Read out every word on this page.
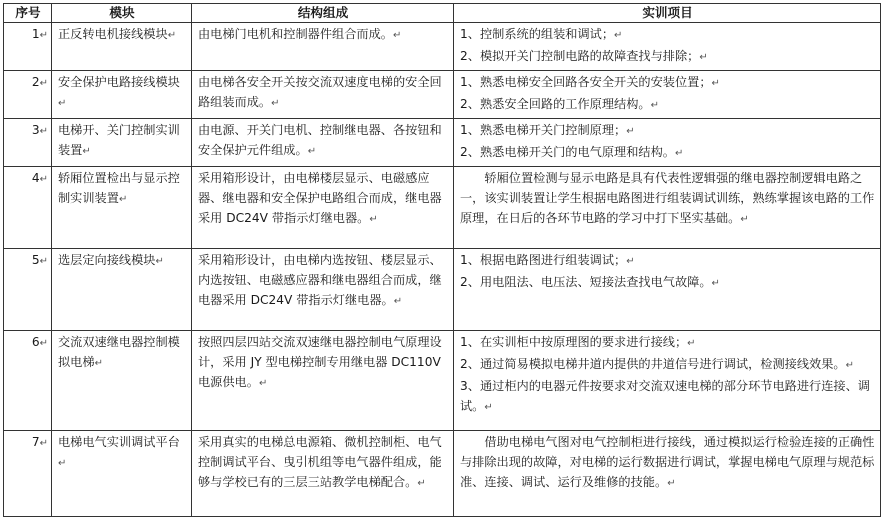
序号	模块	结构组成	实训项目
1↵	正反转电机接线模块↵	由电梯门电机和控制器件组合而成。↵	1、控制系统的组装和调试；↵
2、模拟开关门控制电路的故障查找与排除；↵

2↵	安全保护电路接线模块↵	由电梯各安全开关按交流双速度电梯的安全回路组装而成。↵	1、熟悉电梯安全回路各安全开关的安装位置；↵
2、熟悉安全回路的工作原理结构。↵

3↵	电梯开、关门控制实训装置↵	由电源、开关门电机、控制继电器、各按钮和安全保护元件组成。↵	1、熟悉电梯开关门控制原理；↵
2、熟悉电梯开关门的电气原理和结构。↵

4↵	轿厢位置检出与显示控制实训装置↵	采用箱形设计，由电梯楼层显示、电磁感应器、继电器和安全保护电路组合而成，继电器采用 DC24V 带指示灯继电器。↵	轿厢位置检测与显示电路是具有代表性逻辑强的继电器控制逻辑电路之一，该实训装置让学生根据电路图进行组装调试训练，熟练掌握该电路的工作原理，在日后的各环节电路的学习中打下坚实基础。↵

5↵	选层定向接线模块↵	采用箱形设计，由电梯内选按钮、楼层显示、内选按钮、电磁感应器和继电器组合而成，继电器采用 DC24V 带指示灯继电器。↵	1、根据电路图进行组装调试；↵
2、用电阻法、电压法、短接法查找电气故障。↵

6↵	交流双速继电器控制模拟电梯↵	按照四层四站交流双速继电器控制电气原理设计，采用 JY 型电梯控制专用继电器 DC110V 电源供电。↵	1、在实训柜中按原理图的要求进行接线；↵
2、通过简易模拟电梯井道内提供的井道信号进行调试，检测接线效果。↵
3、通过柜内的电器元件按要求对交流双速电梯的部分环节电路进行连接、调试。↵

7↵	电梯电气实训调试平台↵	采用真实的电梯总电源箱、微机控制柜、电气控制调试平台、曳引机组等电气器件组成，能够与学校已有的三层三站教学电梯配合。↵	借助电梯电气图对电气控制柜进行接线，通过模拟运行检验连接的正确性与排除出现的故障，对电梯的运行数据进行调试，掌握电梯电气原理与规范标准、连接、调试、运行及维修的技能。↵
